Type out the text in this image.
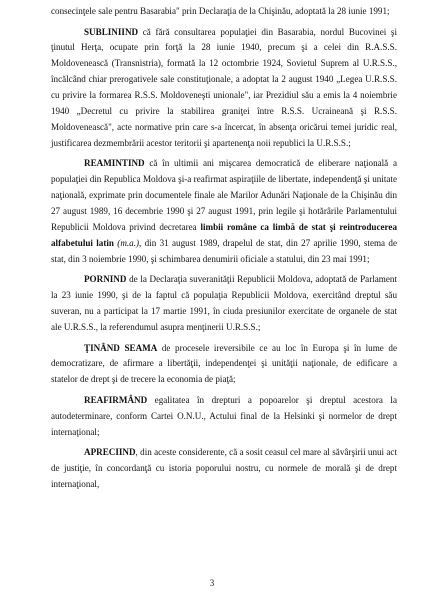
consecinţele sale pentru Basarabia" prin Declaraţia de la Chişinău, adoptată la 28 iunie 1991;

SUBLINIIND că fără consultarea populaţiei din Basarabia, nordul Bucovinei şi ţinutul Herţa, ocupate prin forţă la 28 iunie 1940, precum şi a celei din R.A.S.S. Moldovenească (Transnistria), formată la 12 octombrie 1924, Sovietul Suprem al U.R.S.S., încălcând chiar prerogativele sale constituţionale, a adoptat la 2 august 1940 „Legea U.R.S.S. cu privire la formarea R.S.S. Moldoveneşti unionale", iar Prezidiul său a emis la 4 noiembrie 1940 „Decretul cu privire la stabilirea graniţei între R.S.S. Ucraineană şi R.S.S. Moldovenească", acte normative prin care s-a încercat, în absenţa oricărui temei juridic real, justificarea dezmembrării acestor teritorii şi apartenenţa noii republici la U.R.S.S.;

REAMINTIND că în ultimii ani mişcarea democratică de eliberare naţională a populaţiei din Republica Moldova şi-a reafirmat aspiraţiile de libertate, independenţă şi unitate naţională, exprimate prin documentele finale ale Marilor Adunări Naţionale de la Chişinău din 27 august 1989, 16 decembrie 1990 şi 27 august 1991, prin legile şi hotărârile Parlamentului Republicii Moldova privind decretarea limbii române ca limbă de stat şi reintroducerea alfabetului latin (m.a.), din 31 august 1989, drapelul de stat, din 27 aprilie 1990, stema de stat, din 3 noiembrie 1990, şi schimbarea denumirii oficiale a statului, din 23 mai 1991;

PORNIND de la Declaraţia suveranităţii Republicii Moldova, adoptată de Parlament la 23 iunie 1990, şi de la faptul că populaţia Republicii Moldova, exercitând dreptul său suveran, nu a participat la 17 martie 1991, în ciuda presiunilor exercitate de organele de stat ale U.R.S.S., la referendumul asupra menţinerii U.R.S.S.;

ŢINÂND SEAMA de procesele ireversibile ce au loc în Europa şi în lume de democratizare, de afirmare a libertăţii, independenţei şi unităţii naţionale, de edificare a statelor de drept şi de trecere la economia de piaţă;

REAFIRMÂND egalitatea în drepturi a popoarelor şi dreptul acestora la autodeterminare, conform Cartei O.N.U., Actului final de la Helsinki şi normelor de drept internaţional;

APRECIIND, din aceste considerente, că a sosit ceasul cel mare al săvârşirii unui act de justiţie, în concordanţă cu istoria poporului nostru, cu normele de morală şi de drept internaţional,

3
